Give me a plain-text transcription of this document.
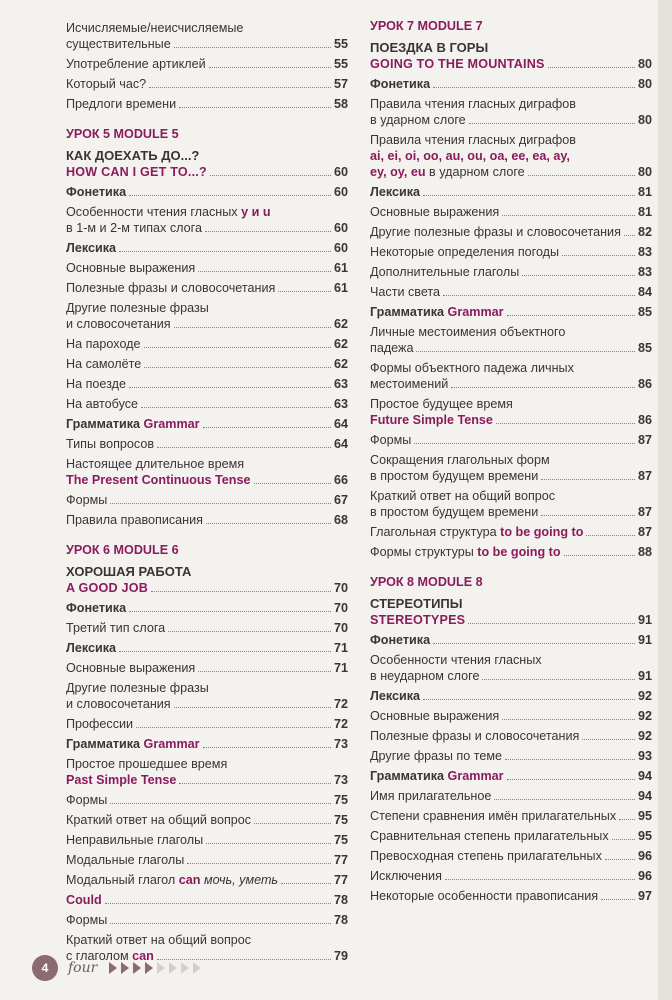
Исчисляемые/неисчисляемые
существительные	55
Употребление артиклей	55
Который час?	57
Предлоги времени	58
УРОК 5 MODULE 5
КАК ДОЕХАТЬ ДО...?
HOW CAN I GET TO...?	60
Фонетика	60
Особенности чтения гласных у и u
в 1-м и 2-м типах слога	60
Лексика	60
Основные выражения	61
Полезные фразы и словосочетания	61
Другие полезные фразы
и словосочетания	62
На пароходе	62
На самолёте	62
На поезде	63
На автобусе	63
Грамматика Grammar	64
Типы вопросов	64
Настоящее длительное время
The Present Continuous Tense	66
Формы	67
Правила правописания	68
УРОК 6 MODULE 6
ХОРОШАЯ РАБОТА
A GOOD JOB	70
Фонетика	70
Третий тип слога	70
Лексика	71
Основные выражения	71
Другие полезные фразы
и словосочетания	72
Профессии	72
Грамматика Grammar	73
Простое прошедшее время
Past Simple Tense	73
Формы	75
Краткий ответ на общий вопрос	75
Неправильные глаголы	75
Модальные глаголы	77
Модальный глагол can мочь, уметь	77
Could	78
Формы	78
Краткий ответ на общий вопрос
с глаголом can	79
УРОК 7 MODULE 7
ПОЕЗДКА В ГОРЫ
GOING TO THE MOUNTAINS	80
Фонетика	80
Правила чтения гласных диграфов
в ударном слоге	80
Правила чтения гласных диграфов
ai, ei, oi, oo, au, ou, oa, ee, ea, ay,
ey, oy, eu в ударном слоге	80
Лексика	81
Основные выражения	81
Другие полезные фразы и словосочетания 82
Некоторые определения погоды	83
Дополнительные глаголы	83
Части света	84
Грамматика Grammar	85
Личные местоимения объектного
падежа	85
Формы объектного падежа личных
местоимений	86
Простое будущее время
Future Simple Tense	86
Формы	87
Сокращения глагольных форм
в простом будущем времени	87
Краткий ответ на общий вопрос
в простом будущем времени	87
Глагольная структура to be going to	87
Формы структуры to be going to	88
УРОК 8 MODULE 8
СТЕРЕОТИПЫ
STEREOTYPES	91
Фонетика	91
Особенности чтения гласных
в неударном слоге	91
Лексика	92
Основные выражения	92
Полезные фразы и словосочетания	92
Другие фразы по теме	93
Грамматика Grammar	94
Имя прилагательное	94
Степени сравнения имён прилагательных 95
Сравнительная степень прилагательных 95
Превосходная степень прилагательных	96
Исключения	96
Некоторые особенности правописания	97
4	four
